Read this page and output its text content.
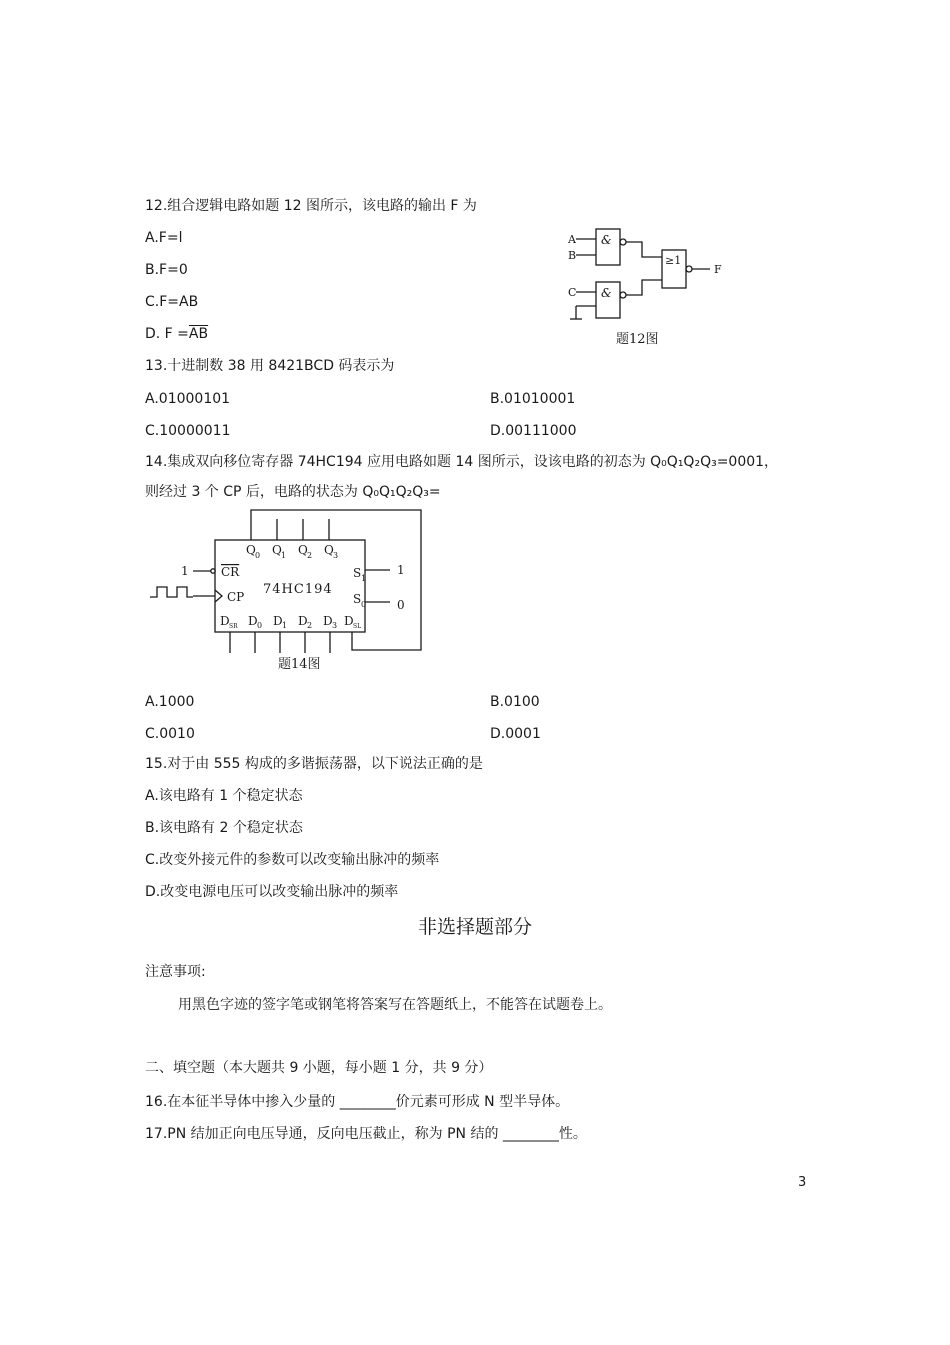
12.组合逻辑电路如题 12 图所示，该电路的输出 F 为
A.F=l
B.F=0
C.F=AB
D. $F =\overline{AB}$
A
B
C
F
&
&
≥1
题12图
13.十进制数 38 用 8421BCD 码表示为
A.01000101	B.01010001
C.10000011	D.00111000
14.集成双向移位寄存器 74HC194 应用电路如题 14 图所示，设该电路的初态为 Q₀Q₁Q₂Q₃=0001，
则经过 3 个 CP 后，电路的状态为 Q₀Q₁Q₂Q₃=
Q 0 Q 1 Q 2 Q 3
CR
CP
1
74HC194
S 1
S 0
1
0
D SR D 0 D 1 D 2 D 3 D SL
题14图
A.1000	B.0100
C.0010	D.0001
15.对于由 555 构成的多谐振荡器，以下说法正确的是
A.该电路有 1 个稳定状态
B.该电路有 2 个稳定状态
C.改变外接元件的参数可以改变输出脉冲的频率
D.改变电源电压可以改变输出脉冲的频率
非选择题部分
注意事项:
用黑色字迹的签字笔或钢笔将答案写在答题纸上，不能答在试题卷上。
二、填空题（本大题共 9 小题，每小题 1 分，共 9 分）
16.在本征半导体中掺入少量的 ________价元素可形成 N 型半导体。
17.PN 结加正向电压导通，反向电压截止，称为 PN 结的 ________性。
3
